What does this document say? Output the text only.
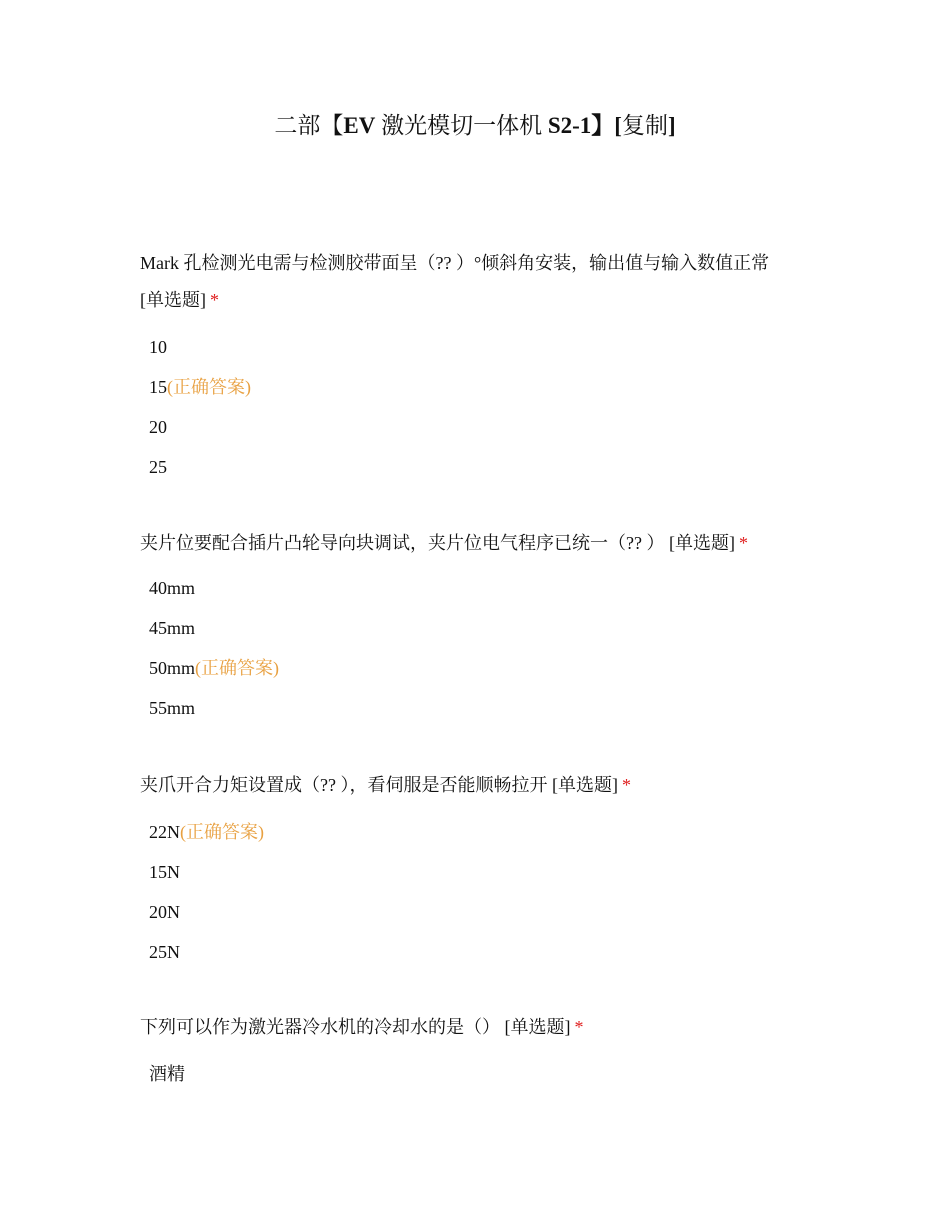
二部【EV 激光模切一体机 S2-1】[复制]

Mark 孔检测光电需与检测胶带面呈（?? ）°倾斜角安装，输出值与输入数值正常
[单选题] *

10
15(正确答案)
20
25

夹片位要配合插片凸轮导向块调试，夹片位电气程序已统一（?? ） [单选题] *

40mm
45mm
50mm(正确答案)
55mm

夹爪开合力矩设置成（?? ），看伺服是否能顺畅拉开 [单选题] *

22N(正确答案)
15N
20N
25N

下列可以作为激光器冷水机的冷却水的是（） [单选题] *

酒精
